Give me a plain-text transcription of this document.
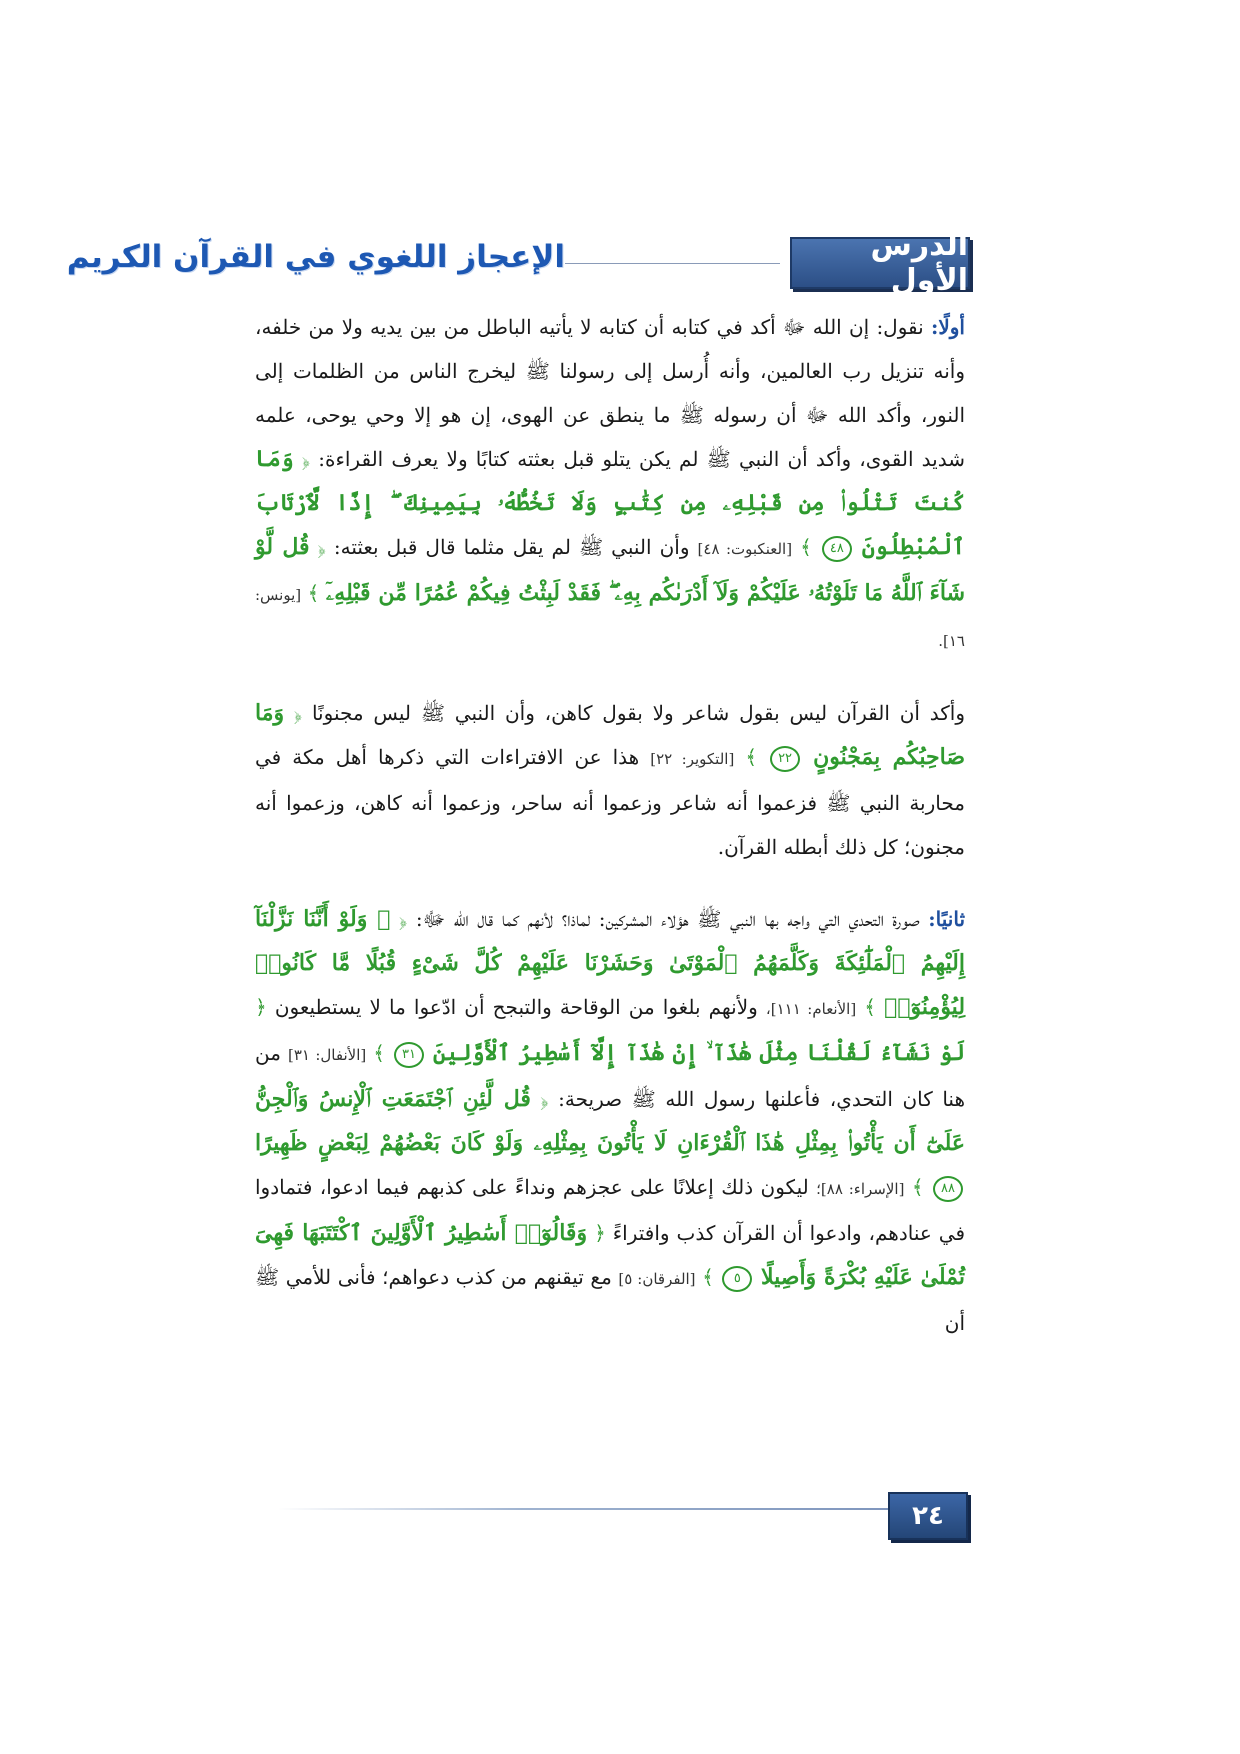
الإعجاز اللغوي في القرآن الكريم	الدرس الأول

أولًا: نقول: إن الله ﷻ أكد في كتابه أن كتابه لا يأتيه الباطل من بين يديه ولا من خلفه، وأنه تنزيل رب العالمين، وأنه أُرسل إلى رسولنا ﷺ ليخرج الناس من الظلمات إلى النور، وأكد الله ﷻ أن رسوله ﷺ ما ينطق عن الهوى، إن هو إلا وحي يوحى، علمه شديد القوى، وأكد أن النبي ﷺ لم يكن يتلو قبل بعثته كتابًا ولا يعرف القراءة: ﴿ وَمَا كُنتَ تَتْلُوا۟ مِن قَبْلِهِۦ مِن كِتَٰبٍ وَلَا تَخُطُّهُۥ بِيَمِينِكَ ۖ إِذًا لَّٱرْتَابَ ٱلْمُبْطِلُونَ ٤٨ ﴾ [العنكبوت: ٤٨] وأن النبي ﷺ لم يقل مثلما قال قبل بعثته: ﴿ قُل لَّوْ شَآءَ ٱللَّهُ مَا تَلَوْتُهُۥ عَلَيْكُمْ وَلَآ أَدْرَىٰكُم بِهِۦ ۖ فَقَدْ لَبِثْتُ فِيكُمْ عُمُرًا مِّن قَبْلِهِۦٓ ﴾ [يونس: ١٦].

وأكد أن القرآن ليس بقول شاعر ولا بقول كاهن، وأن النبي ﷺ ليس مجنونًا ﴿ وَمَا صَاحِبُكُم بِمَجْنُونٍ ٢٢ ﴾ [التكوير: ٢٢] هذا عن الافتراءات التي ذكرها أهل مكة في محاربة النبي ﷺ فزعموا أنه شاعر وزعموا أنه ساحر، وزعموا أنه كاهن، وزعموا أنه مجنون؛ كل ذلك أبطله القرآن.

ثانيًا: صورة التحدي التي واجه بها النبي ﷺ هؤلاء المشركين: لماذا؟ لأنهم كما قال الله ﷻ: ﴿ ۞ وَلَوْ أَنَّنَا نَزَّلْنَآ إِلَيْهِمُ ٱلْمَلَٰٓئِكَةَ وَكَلَّمَهُمُ ٱلْمَوْتَىٰ وَحَشَرْنَا عَلَيْهِمْ كُلَّ شَىْءٍ قُبُلًا مَّا كَانُوا۟ لِيُؤْمِنُوٓا۟ ﴾ [الأنعام: ١١١]، ولأنهم بلغوا من الوقاحة والتبجح أن ادّعوا ما لا يستطيعون ﴿ لَوْ نَشَآءُ لَقُلْنَا مِثْلَ هَٰذَآ ۙ إِنْ هَٰذَآ إِلَّآ أَسَٰطِيرُ ٱلْأَوَّلِينَ ٣١ ﴾ [الأنفال: ٣١] من هنا كان التحدي، فأعلنها رسول الله ﷺ صريحة: ﴿ قُل لَّئِنِ ٱجْتَمَعَتِ ٱلْإِنسُ وَٱلْجِنُّ عَلَىٰٓ أَن يَأْتُوا۟ بِمِثْلِ هَٰذَا ٱلْقُرْءَانِ لَا يَأْتُونَ بِمِثْلِهِۦ وَلَوْ كَانَ بَعْضُهُمْ لِبَعْضٍ ظَهِيرًا ٨٨ ﴾ [الإسراء: ٨٨]؛ ليكون ذلك إعلانًا على عجزهم ونداءً على كذبهم فيما ادعوا، فتمادوا في عنادهم، وادعوا أن القرآن كذب وافتراءً ﴿ وَقَالُوٓا۟ أَسَٰطِيرُ ٱلْأَوَّلِينَ ٱكْتَتَبَهَا فَهِىَ تُمْلَىٰ عَلَيْهِ بُكْرَةً وَأَصِيلًا ٥ ﴾ [الفرقان: ٥] مع تيقنهم من كذب دعواهم؛ فأنى للأمي ﷺ أن

٢٤
